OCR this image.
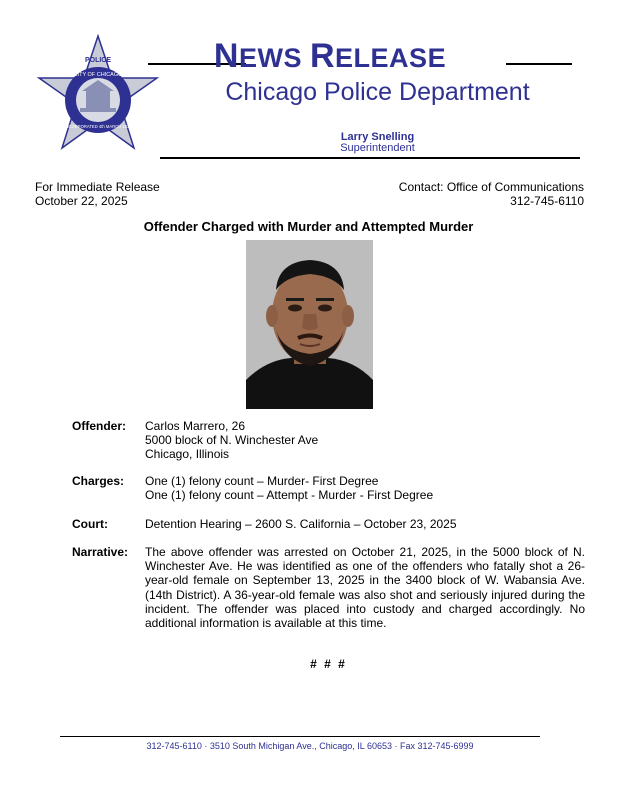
POLICE
CITY OF CHICAGO
INCORPORATED 4th MARCH 1837
NEWS RELEASE
Chicago Police Department
Larry Snelling
Superintendent
For Immediate Release
October 22, 2025
Contact: Office of Communications
312-745-6110
Offender Charged with Murder and Attempted Murder
Offender: Carlos Marrero, 26
5000 block of N. Winchester Ave
Chicago, Illinois
Charges: One (1) felony count – Murder- First Degree
One (1) felony count – Attempt - Murder - First Degree
Court:	Detention Hearing – 2600 S. California – October 23, 2025
Narrative: The above offender was arrested on October 21, 2025, in the 5000 block of N. Winchester Ave. He was identified as one of the offenders who fatally shot a 26-year-old female on September 13, 2025 in the 3400 block of W. Wabansia Ave. (14th District). A 36-year-old female was also shot and seriously injured during the incident. The offender was placed into custody and charged accordingly. No additional information is available at this time.
# # #
312-745-6110 · 3510 South Michigan Ave., Chicago, IL 60653 · Fax 312-745-6999
